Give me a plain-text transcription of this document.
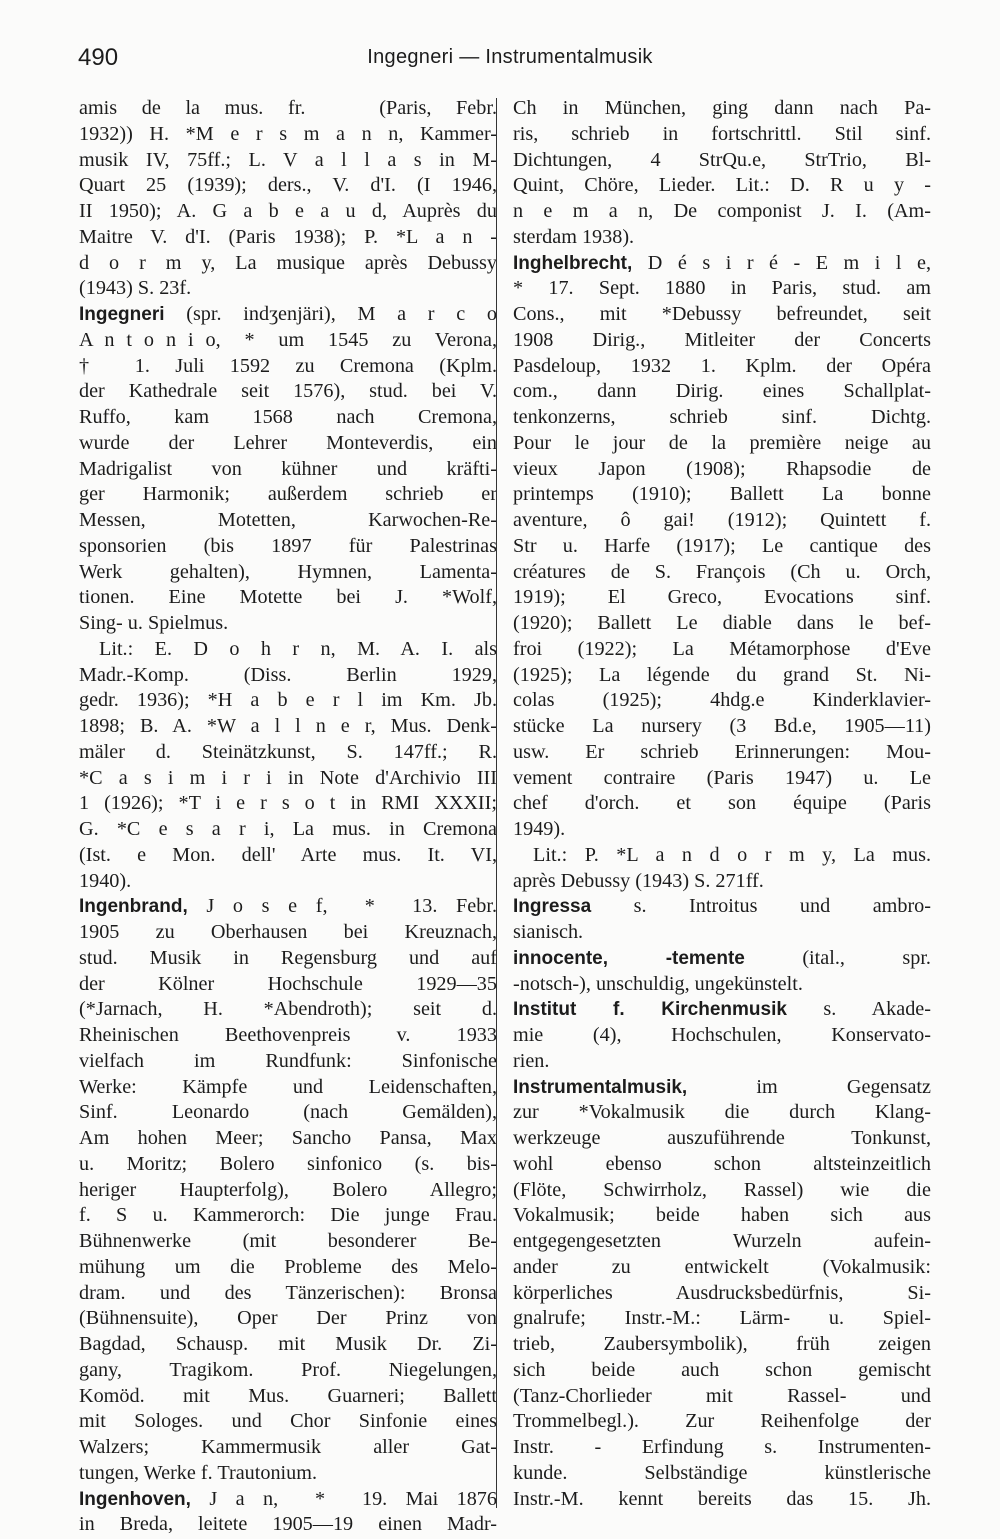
490	Ingegneri — Instrumentalmusik
amis de la mus. fr.   (Paris, Febr.
1932)) H. *M e r s m a n n, Kammer-
musik IV, 75ff.; L. V a l l a s in M-
Quart 25 (1939); ders., V. d'I. (I 1946,
II 1950); A. G a b e a u d, Auprès du
Maitre V. d'I. (Paris 1938); P. *L a n -
d o r m y, La musique après Debussy
(1943) S. 23f.
Ingegneri (spr. indʒenjäri), M a r c o
A n t o n i o,  *  um  1545  zu  Verona,
† 1. Juli 1592 zu Cremona (Kplm.
der Kathedrale seit 1576), stud. bei V.
Ruffo, kam 1568 nach Cremona,
wurde der Lehrer Monteverdis, ein
Madrigalist von kühner und kräfti-
ger Harmonik; außerdem schrieb er
Messen, Motetten, Karwochen-Re-
sponsorien (bis 1897 für Palestrinas
Werk gehalten), Hymnen, Lamenta-
tionen. Eine Motette bei J. *Wolf,
Sing- u. Spielmus.
Lit.: E. D o h r n, M. A. I. als
Madr.-Komp. (Diss. Berlin 1929,
gedr. 1936); *H a b e r l im Km. Jb.
1898; B. A. *W a l l n e r, Mus. Denk-
mäler d. Steinätzkunst, S. 147ff.; R.
*C a s i m i r i in Note d'Archivio III
1 (1926); *T i e r s o t in RMI XXXII;
G. *C e s a r i, La mus. in Cremona
(Ist. e Mon. dell' Arte mus. It. VI,
1940).
Ingenbrand, J o s e f,  *  13. Febr.
1905 zu Oberhausen bei Kreuznach,
stud. Musik in Regensburg und auf
der Kölner Hochschule 1929—35
(*Jarnach, H. *Abendroth); seit d.
Rheinischen Beethovenpreis v. 1933
vielfach im Rundfunk: Sinfonische
Werke: Kämpfe und Leidenschaften,
Sinf. Leonardo (nach Gemälden),
Am hohen Meer; Sancho Pansa, Max
u. Moritz; Bolero sinfonico (s. bis-
heriger Haupterfolg), Bolero Allegro;
f. S u. Kammerorch: Die junge Frau.
Bühnenwerke (mit besonderer Be-
mühung um die Probleme des Melo-
dram. und des Tänzerischen): Bronsa
(Bühnensuite), Oper Der Prinz von
Bagdad, Schausp. mit Musik Dr. Zi-
gany, Tragikom. Prof. Niegelungen,
Komöd. mit Mus. Guarneri; Ballett
mit Sologes. und Chor Sinfonie eines
Walzers; Kammermusik aller Gat-
tungen, Werke f. Trautonium.
Ingenhoven, J a n,  *  19. Mai 1876
in Breda, leitete 1905—19 einen Madr-
Ch in München, ging dann nach Pa-
ris, schrieb in fortschrittl. Stil sinf.
Dichtungen, 4 StrQu.e, StrTrio, Bl-
Quint, Chöre, Lieder. Lit.: D. R u y -
n e m a n, De componist J. I. (Am-
sterdam 1938).
Inghelbrecht, D é s i r é - E m i l e,
* 17. Sept. 1880 in Paris, stud. am
Cons., mit *Debussy befreundet, seit
1908 Dirig., Mitleiter der Concerts
Pasdeloup, 1932 1. Kplm. der Opéra
com., dann Dirig. eines Schallplat-
tenkonzerns, schrieb sinf. Dichtg.
Pour le jour de la première neige au
vieux Japon (1908); Rhapsodie de
printemps (1910); Ballett La bonne
aventure, ô gai! (1912); Quintett f.
Str u. Harfe (1917); Le cantique des
créatures de S. François (Ch u. Orch,
1919); El Greco, Evocations sinf.
(1920); Ballett Le diable dans le bef-
froi (1922); La Métamorphose d'Eve
(1925); La légende du grand St. Ni-
colas (1925); 4hdg.e Kinderklavier-
stücke La nursery (3 Bd.e, 1905—11)
usw. Er schrieb Erinnerungen: Mou-
vement contraire (Paris 1947) u. Le
chef d'orch. et son équipe (Paris
1949).
Lit.: P. *L a n d o r m y, La mus.
après Debussy (1943) S. 271ff.
Ingressa s. Introitus und ambro-
sianisch.
innocente, -temente (ital., spr.
-notsch-), unschuldig, ungekünstelt.
Institut f. Kirchenmusik s. Akade-
mie (4), Hochschulen, Konservato-
rien.
Instrumentalmusik, im Gegensatz
zur *Vokalmusik die durch Klang-
werkzeuge auszuführende Tonkunst,
wohl ebenso schon altsteinzeitlich
(Flöte, Schwirrholz, Rassel) wie die
Vokalmusik; beide haben sich aus
entgegengesetzten Wurzeln aufein-
ander zu entwickelt (Vokalmusik:
körperliches Ausdrucksbedürfnis, Si-
gnalrufe; Instr.-M.: Lärm- u. Spiel-
trieb, Zaubersymbolik), früh zeigen
sich beide auch schon gemischt
(Tanz-Chorlieder mit Rassel- und
Trommelbegl.). Zur Reihenfolge der
Instr. - Erfindung s. Instrumenten-
kunde. Selbständige künstlerische
Instr.-M. kennt bereits das 15. Jh.
